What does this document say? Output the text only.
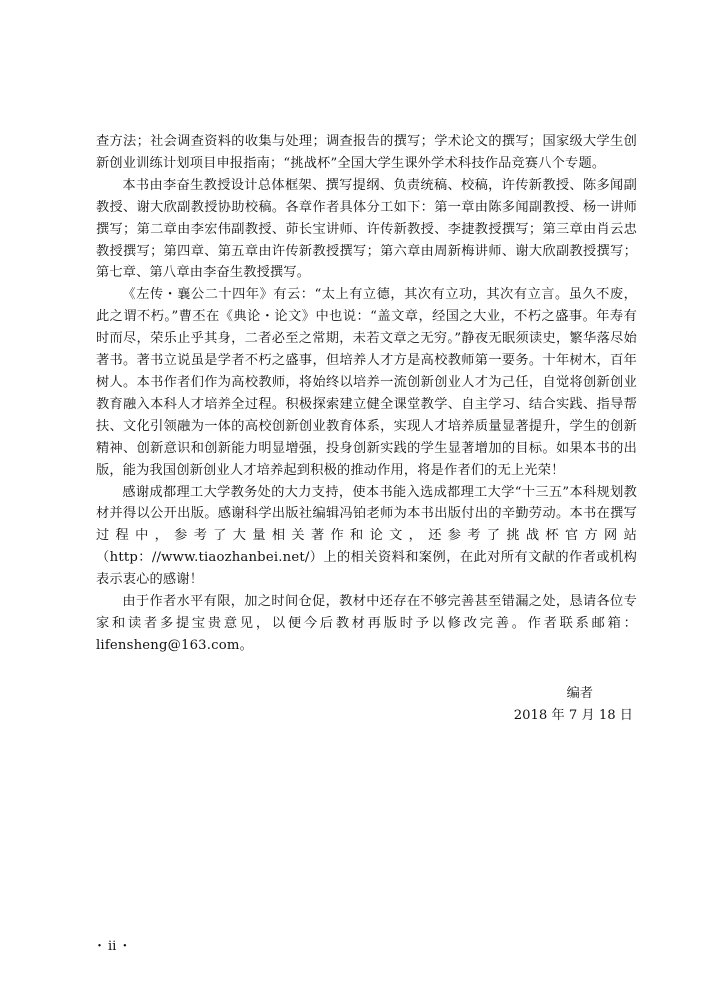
查方法；社会调查资料的收集与处理；调查报告的撰写；学术论文的撰写；国家级大学生创新创业训练计划项目申报指南；“挑战杯”全国大学生课外学术科技作品竞赛八个专题。

本书由李奋生教授设计总体框架、撰写提纲、负责统稿、校稿，许传新教授、陈多闻副教授、谢大欣副教授协助校稿。各章作者具体分工如下：第一章由陈多闻副教授、杨一讲师撰写；第二章由李宏伟副教授、茆长宝讲师、许传新教授、李捷教授撰写；第三章由肖云忠教授撰写；第四章、第五章由许传新教授撰写；第六章由周新梅讲师、谢大欣副教授撰写；第七章、第八章由李奋生教授撰写。

《左传・襄公二十四年》有云：“太上有立德，其次有立功，其次有立言。虽久不废，此之谓不朽。”曹丕在《典论・论文》中也说：“盖文章，经国之大业，不朽之盛事。年寿有时而尽，荣乐止乎其身，二者必至之常期，未若文章之无穷。”静夜无眠须读史，繁华落尽始著书。著书立说虽是学者不朽之盛事，但培养人才方是高校教师第一要务。十年树木，百年树人。本书作者们作为高校教师，将始终以培养一流创新创业人才为己任，自觉将创新创业教育融入本科人才培养全过程。积极探索建立健全课堂教学、自主学习、结合实践、指导帮扶、文化引领融为一体的高校创新创业教育体系，实现人才培养质量显著提升，学生的创新精神、创新意识和创新能力明显增强，投身创新实践的学生显著增加的目标。如果本书的出版，能为我国创新创业人才培养起到积极的推动作用，将是作者们的无上光荣！

感谢成都理工大学教务处的大力支持，使本书能入选成都理工大学“十三五”本科规划教材并得以公开出版。感谢科学出版社编辑冯铂老师为本书出版付出的辛勤劳动。本书在撰写过程中，参考了大量相关著作和论文，还参考了挑战杯官方网站（http：//www.tiaozhanbei.net/）上的相关资料和案例，在此对所有文献的作者或机构表示衷心的感谢！

由于作者水平有限，加之时间仓促，教材中还存在不够完善甚至错漏之处，恳请各位专家和读者多提宝贵意见，以便今后教材再版时予以修改完善。作者联系邮箱：lifensheng@163.com。

编者
2018 年 7 月 18 日
・ⅱ・
